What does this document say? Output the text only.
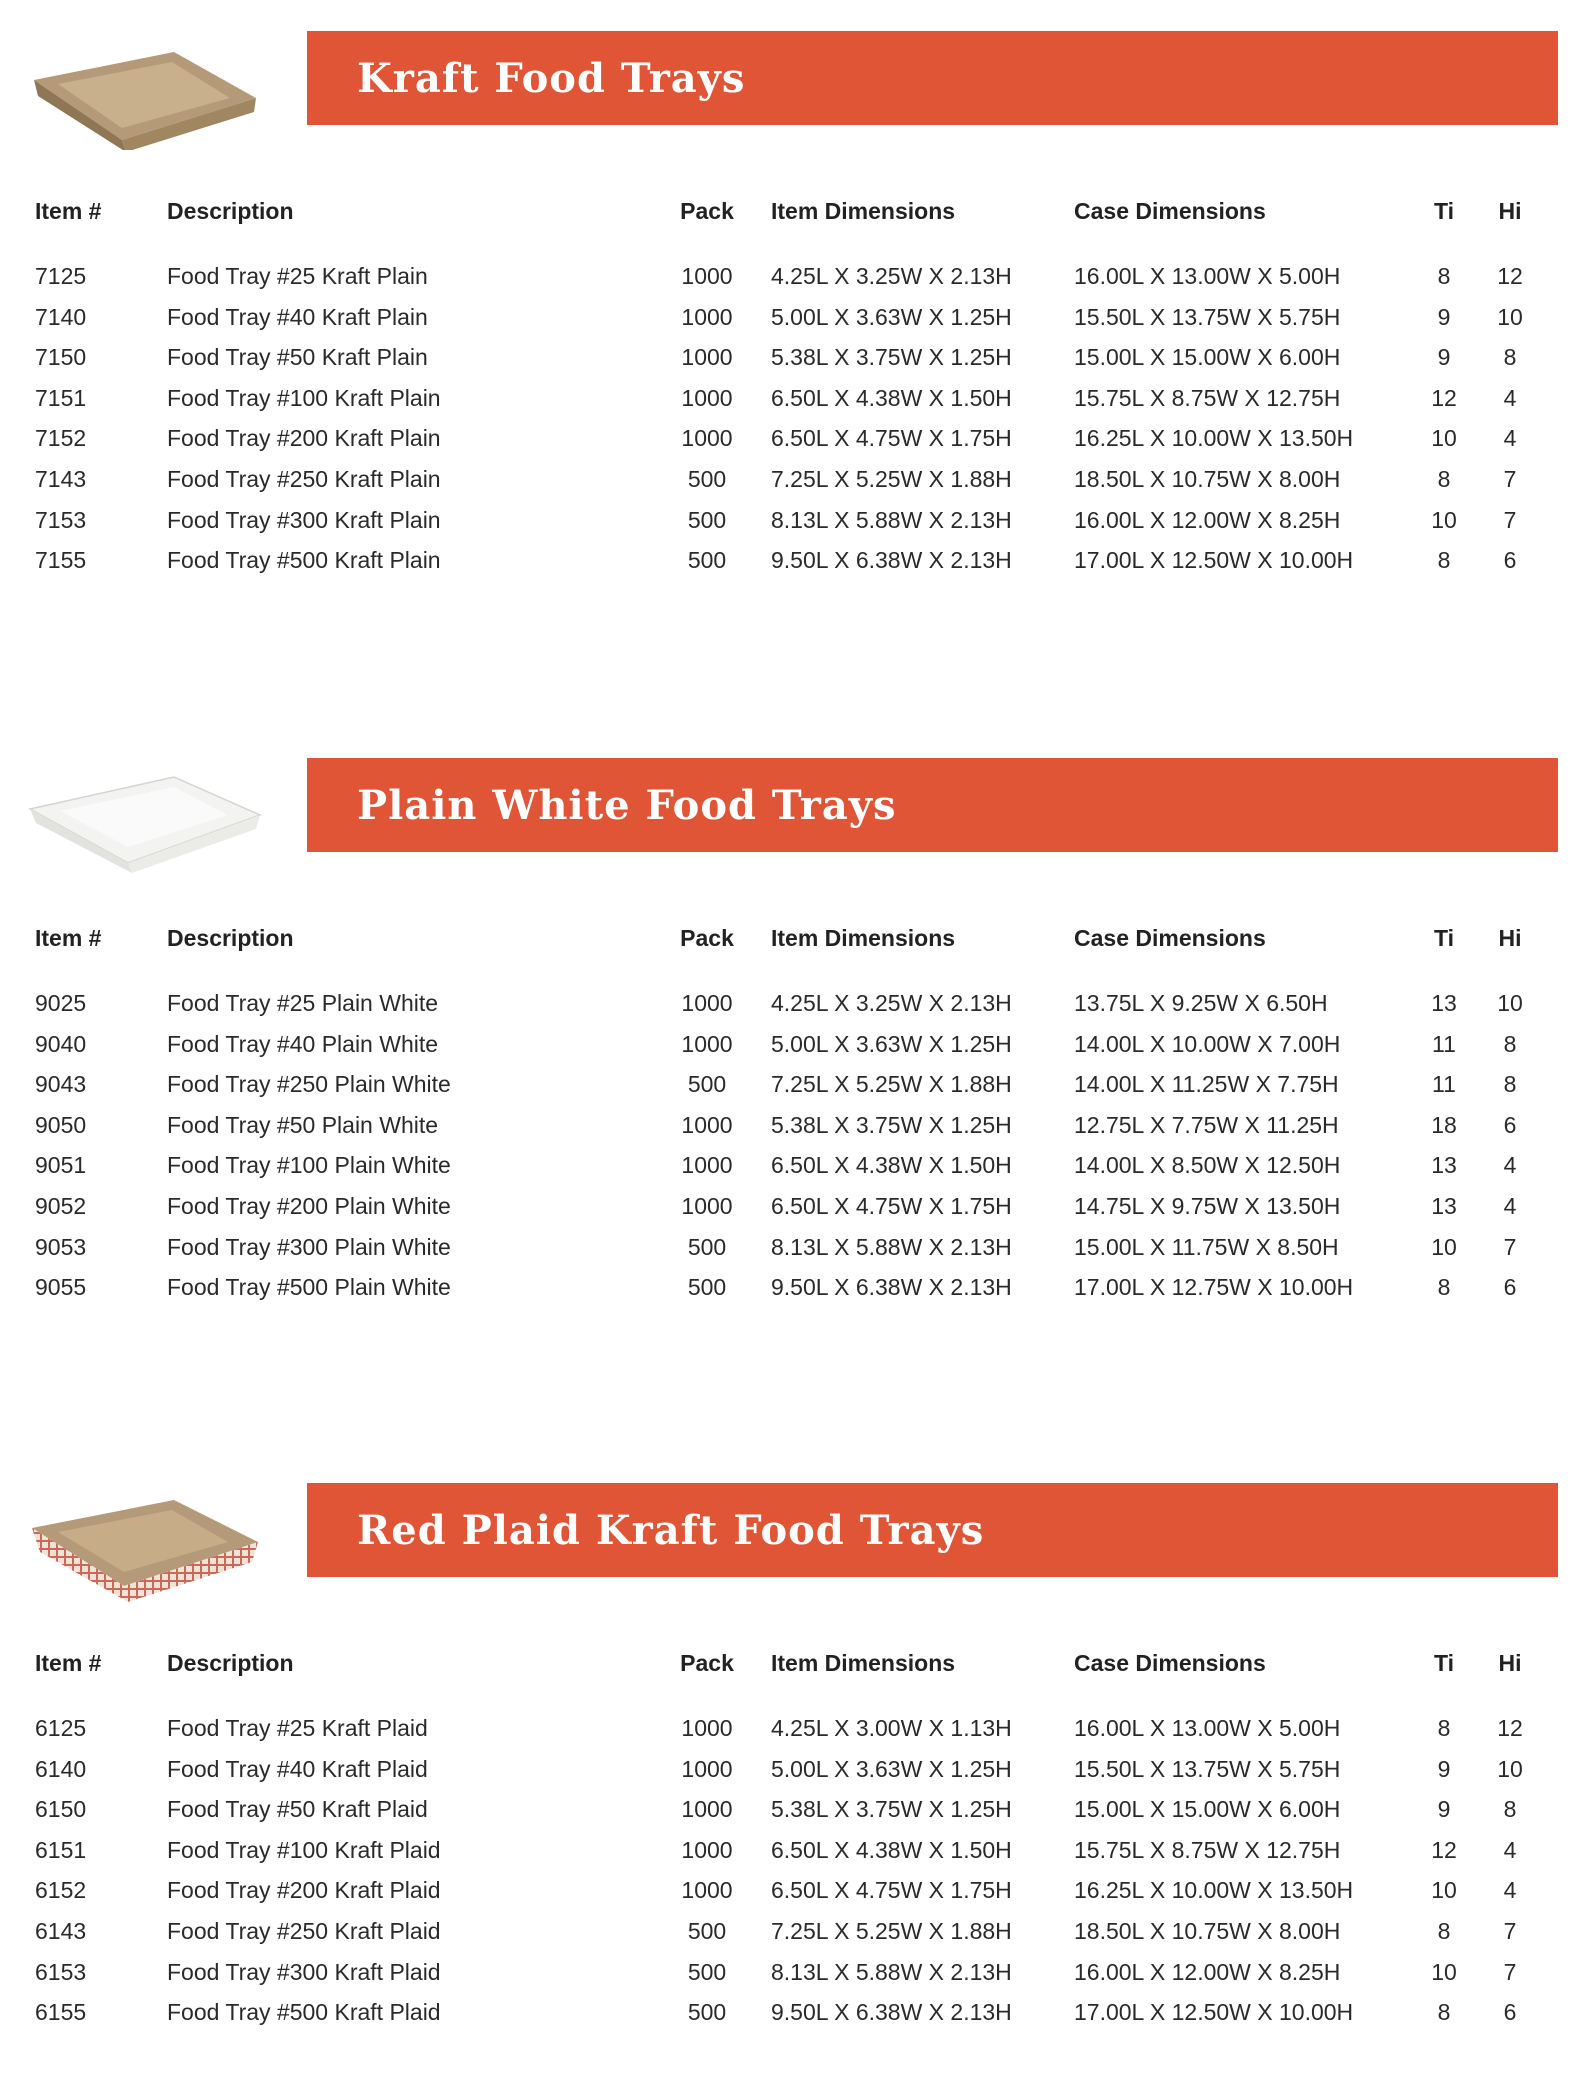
Kraft Food Trays
Item #	Description	Pack	Item Dimensions	Case Dimensions	Ti Hi
7125	Food Tray #25 Kraft Plain	1000	4.25L X 3.25W X 2.13H	16.00L X 13.00W X 5.00H	8	12
7140	Food Tray #40 Kraft Plain	1000	5.00L X 3.63W X 1.25H	15.50L X 13.75W X 5.75H	9	10
7150	Food Tray #50 Kraft Plain	1000	5.38L X 3.75W X 1.25H	15.00L X 15.00W X 6.00H	9	8
7151	Food Tray #100 Kraft Plain	1000	6.50L X 4.38W X 1.50H	15.75L X 8.75W X 12.75H	12	4
7152	Food Tray #200 Kraft Plain	1000	6.50L X 4.75W X 1.75H	16.25L X 10.00W X 13.50H	10	4
7143	Food Tray #250 Kraft Plain	500	7.25L X 5.25W X 1.88H	18.50L X 10.75W X 8.00H	8	7
7153	Food Tray #300 Kraft Plain	500	8.13L X 5.88W X 2.13H	16.00L X 12.00W X 8.25H	10	7
7155	Food Tray #500 Kraft Plain	500	9.50L X 6.38W X 2.13H	17.00L X 12.50W X 10.00H	8	6
Plain White Food Trays
Item #	Description	Pack	Item Dimensions	Case Dimensions	Ti Hi
9025	Food Tray #25 Plain White	1000	4.25L X 3.25W X 2.13H	13.75L X 9.25W X 6.50H	13 10
9040	Food Tray #40 Plain White	1000	5.00L X 3.63W X 1.25H	14.00L X 10.00W X 7.00H	11	8
9043	Food Tray #250 Plain White	500	7.25L X 5.25W X 1.88H	14.00L X 11.25W X 7.75H	11	8
9050	Food Tray #50 Plain White	1000	5.38L X 3.75W X 1.25H	12.75L X 7.75W X 11.25H	18	6
9051	Food Tray #100 Plain White	1000	6.50L X 4.38W X 1.50H	14.00L X 8.50W X 12.50H	13	4
9052	Food Tray #200 Plain White	1000	6.50L X 4.75W X 1.75H	14.75L X 9.75W X 13.50H	13	4
9053	Food Tray #300 Plain White	500	8.13L X 5.88W X 2.13H	15.00L X 11.75W X 8.50H	10	7
9055	Food Tray #500 Plain White	500	9.50L X 6.38W X 2.13H	17.00L X 12.75W X 10.00H	8	6
Red Plaid Kraft Food Trays
Item #	Description	Pack	Item Dimensions	Case Dimensions	Ti Hi
6125	Food Tray #25 Kraft Plaid	1000	4.25L X 3.00W X 1.13H	16.00L X 13.00W X 5.00H	8	12
6140	Food Tray #40 Kraft Plaid	1000	5.00L X 3.63W X 1.25H	15.50L X 13.75W X 5.75H	9	10
6150	Food Tray #50 Kraft Plaid	1000	5.38L X 3.75W X 1.25H	15.00L X 15.00W X 6.00H	9	8
6151	Food Tray #100 Kraft Plaid	1000	6.50L X 4.38W X 1.50H	15.75L X 8.75W X 12.75H	12	4
6152	Food Tray #200 Kraft Plaid	1000	6.50L X 4.75W X 1.75H	16.25L X 10.00W X 13.50H	10	4
6143	Food Tray #250 Kraft Plaid	500	7.25L X 5.25W X 1.88H	18.50L X 10.75W X 8.00H	8	7
6153	Food Tray #300 Kraft Plaid	500	8.13L X 5.88W X 2.13H	16.00L X 12.00W X 8.25H	10	7
6155	Food Tray #500 Kraft Plaid	500	9.50L X 6.38W X 2.13H	17.00L X 12.50W X 10.00H	8	6
